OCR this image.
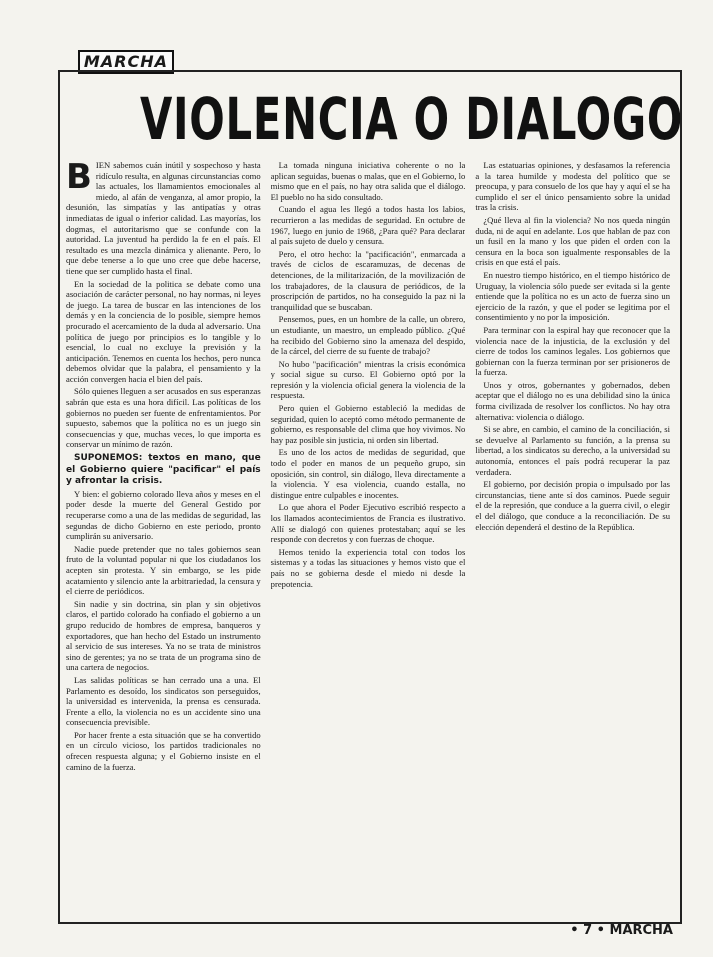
MARCHA
VIOLENCIA O DIALOGO

BIEN sabemos cuán inútil y sospechoso y hasta ridículo resulta, en algunas circunstancias como las actuales, los llamamientos emocionales al miedo, al afán de venganza, al amor propio, la desunión, las simpatías y las antipatías y otras inmediatas de igual o inferior calidad. Las mayorías, los dogmas, el autoritarismo que se confunde con la autoridad. La juventud ha perdido la fe en el país. El resultado es una mezcla dinámica y alienante. Pero, lo que debe tenerse a lo que uno cree que debe hacerse, tiene que ser cumplido hasta el final.

En la sociedad de la politica se debate como una asociación de carácter personal, no hay normas, ni leyes de juego. La tarea de buscar en las intenciones de los demás y en la conciencia de lo posible, siempre hemos procurado el acercamiento de la duda al adversario. Una política de juego por principios es lo tangible y lo esencial, lo cual no excluye la previsión y la anticipación. Tenemos en cuenta los hechos, pero nunca debemos olvidar que la palabra, el pensamiento y la acción convergen hacia el bien del país.

Sólo quienes lleguen a ser acusados en sus esperanzas sabrán que esta es una hora difícil. Las políticas de los gobiernos no pueden ser fuente de enfrentamientos. Por supuesto, sabemos que la política no es un juego sin consecuencias y que, muchas veces, lo que importa es conservar un mínimo de razón.

SUPONEMOS: textos en mano, que el Gobierno quiere "pacificar" el país y afrontar la crisis.

Y bien: el gobierno colorado lleva años y meses en el poder desde la muerte del General Gestido por recuperarse como a una de las medidas de seguridad, las segundas de dicho Gobierno en este periodo, pronto cumplirán su aniversario.

Nadie puede pretender que no tales gobiernos sean fruto de la voluntad popular ni que los ciudadanos los acepten sin protesta. Y sin embargo, se les pide acatamiento y silencio ante la arbitrariedad, la censura y el cierre de periódicos.

Sin nadie y sin doctrina, sin plan y sin objetivos claros, el partido colorado ha confiado el gobierno a un grupo reducido de hombres de empresa, banqueros y exportadores, que han hecho del Estado un instrumento al servicio de sus intereses. Ya no se trata de ministros sino de gerentes; ya no se trata de un programa sino de una cartera de negocios.

Las salidas políticas se han cerrado una a una. El Parlamento es desoído, los sindicatos son perseguidos, la universidad es intervenida, la prensa es censurada. Frente a ello, la violencia no es un accidente sino una consecuencia previsible.

Por hacer frente a esta situación que se ha convertido en un círculo vicioso, los partidos tradicionales no ofrecen respuesta alguna; y el Gobierno insiste en el camino de la fuerza.

La tomada ninguna iniciativa coherente o no la aplican seguidas, buenas o malas, que en el Gobierno, lo mismo que en el país, no hay otra salida que el diálogo. El pueblo no ha sido consultado.

Cuando el agua les llegó a todos hasta los labios, recurrieron a las medidas de seguridad. En octubre de 1967, luego en junio de 1968, ¿Para qué? Para declarar al país sujeto de duelo y censura.

Pero, el otro hecho: la "pacificación", enmarcada a través de ciclos de escaramuzas, de decenas de detenciones, de la militarización, de la movilización de los trabajadores, de la clausura de periódicos, de la proscripción de partidos, no ha conseguido la paz ni la tranquilidad que se buscaban.

Pensemos, pues, en un hombre de la calle, un obrero, un estudiante, un maestro, un empleado público. ¿Qué ha recibido del Gobierno sino la amenaza del despido, de la cárcel, del cierre de su fuente de trabajo?

No hubo "pacificación" mientras la crisis económica y social sigue su curso. El Gobierno optó por la represión y la violencia oficial genera la violencia de la respuesta.

Pero quien el Gobierno estableció la medidas de seguridad, quien lo aceptó como método permanente de gobierno, es responsable del clima que hoy vivimos. No hay paz posible sin justicia, ni orden sin libertad.

Es uno de los actos de medidas de seguridad, que todo el poder en manos de un pequeño grupo, sin oposición, sin control, sin diálogo, lleva directamente a la violencia. Y esa violencia, cuando estalla, no distingue entre culpables e inocentes.

Lo que ahora el Poder Ejecutivo escribió respecto a los llamados acontecimientos de Francia es ilustrativo. Allí se dialogó con quienes protestaban; aquí se les responde con decretos y con fuerzas de choque.

Hemos tenido la experiencia total con todos los sistemas y a todas las situaciones y hemos visto que el país no se gobierna desde el miedo ni desde la prepotencia.

Las estatuarias opiniones, y desfasamos la referencia a la tarea humilde y modesta del político que se preocupa, y para consuelo de los que hay y aquí el se ha cumplido el ser el único pensamiento sobre la unidad tras la crisis.

¿Qué lleva al fin la violencia? No nos queda ningún duda, ni de aquí en adelante. Los que hablan de paz con un fusil en la mano y los que piden el orden con la censura en la boca son igualmente responsables de la crisis en que está el país.

En nuestro tiempo histórico, en el tiempo histórico de Uruguay, la violencia sólo puede ser evitada si la gente entiende que la política no es un acto de fuerza sino un ejercicio de la razón, y que el poder se legitima por el consentimiento y no por la imposición.

Para terminar con la espiral hay que reconocer que la violencia nace de la injusticia, de la exclusión y del cierre de todos los caminos legales. Los gobiernos que gobiernan con la fuerza terminan por ser prisioneros de la fuerza.

Unos y otros, gobernantes y gobernados, deben aceptar que el diálogo no es una debilidad sino la única forma civilizada de resolver los conflictos. No hay otra alternativa: violencia o diálogo.

Si se abre, en cambio, el camino de la conciliación, si se devuelve al Parlamento su función, a la prensa su libertad, a los sindicatos su derecho, a la universidad su autonomía, entonces el país podrá recuperar la paz verdadera.

El gobierno, por decisión propia o impulsado por las circunstancias, tiene ante sí dos caminos. Puede seguir el de la represión, que conduce a la guerra civil, o elegir el del diálogo, que conduce a la reconciliación. De su elección dependerá el destino de la República.

• 7 • MARCHA
